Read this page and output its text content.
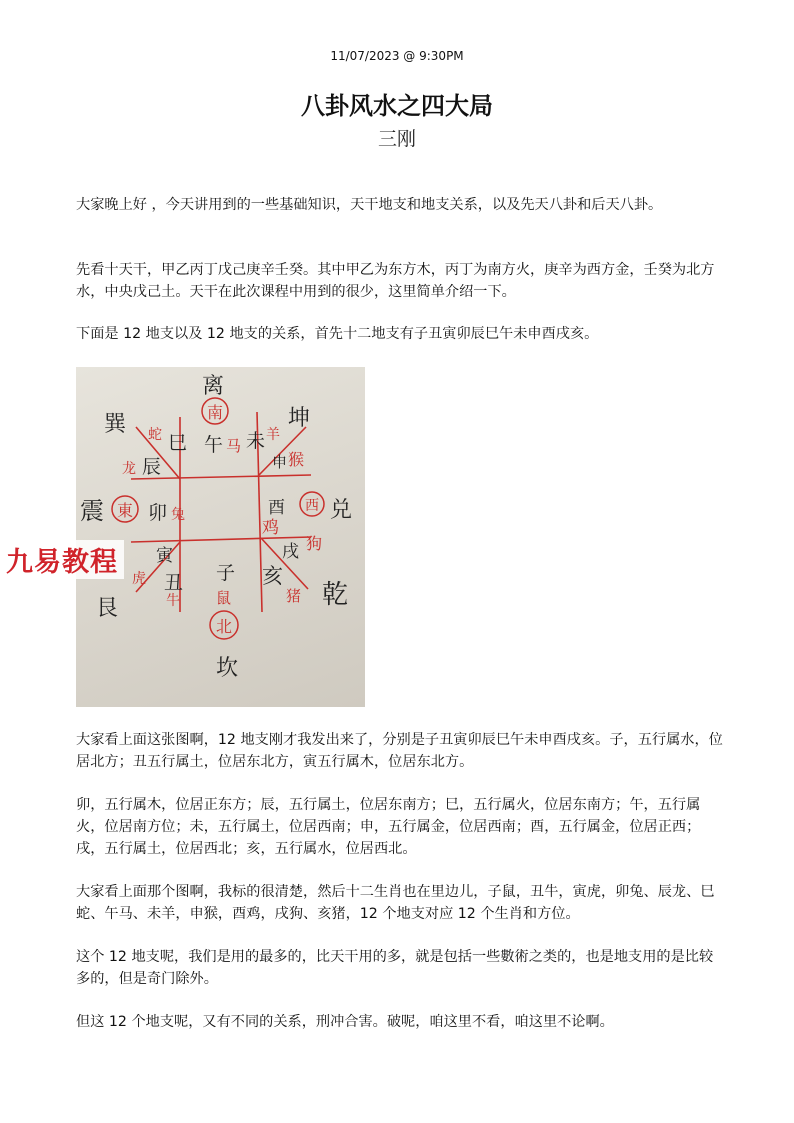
11/07/2023 @ 9:30PM
八卦风水之四大局
三刚
大家晚上好 ，今天讲用到的一些基础知识，天干地支和地支关系，以及先天八卦和后天八卦。
先看十天干，甲乙丙丁戊己庚辛壬癸。其中甲乙为东方木，丙丁为南方火，庚辛为西方金，壬癸为北方水，中央戊己土。天干在此次课程中用到的很少，这里简单介绍一下。
下面是 12 地支以及 12 地支的关系，首先十二地支有子丑寅卯辰巳午未申酉戌亥。
巽
离
坤
震	兑
艮
坎
乾
南
東	西
北
巳 午 未
辰	申
卯	酉
寅	戌
丑 子 亥
蛇
马
羊
龙	猴
兔
鸡
虎
狗
牛 鼠	猪
九易教程
大家看上面这张图啊，12 地支刚才我发出来了，分别是子丑寅卯辰巳午未申酉戌亥。子，五行属水，位居北方；丑五行属土，位居东北方，寅五行属木，位居东北方。
卯，五行属木，位居正东方；辰，五行属土，位居东南方；巳，五行属火，位居东南方；午，五行属火，位居南方位；未，五行属土，位居西南；申，五行属金，位居西南；酉，五行属金，位居正西；戌，五行属土，位居西北；亥，五行属水，位居西北。
大家看上面那个图啊，我标的很清楚，然后十二生肖也在里边儿，子鼠，丑牛，寅虎，卯兔、辰龙、巳蛇、午马、未羊，申猴，酉鸡，戌狗、亥猪，12 个地支对应 12 个生肖和方位。
这个 12 地支呢，我们是用的最多的，比天干用的多，就是包括一些數術之类的，也是地支用的是比较多的，但是奇门除外。
但这 12 个地支呢，又有不同的关系，刑冲合害。破呢，咱这里不看，咱这里不论啊。
